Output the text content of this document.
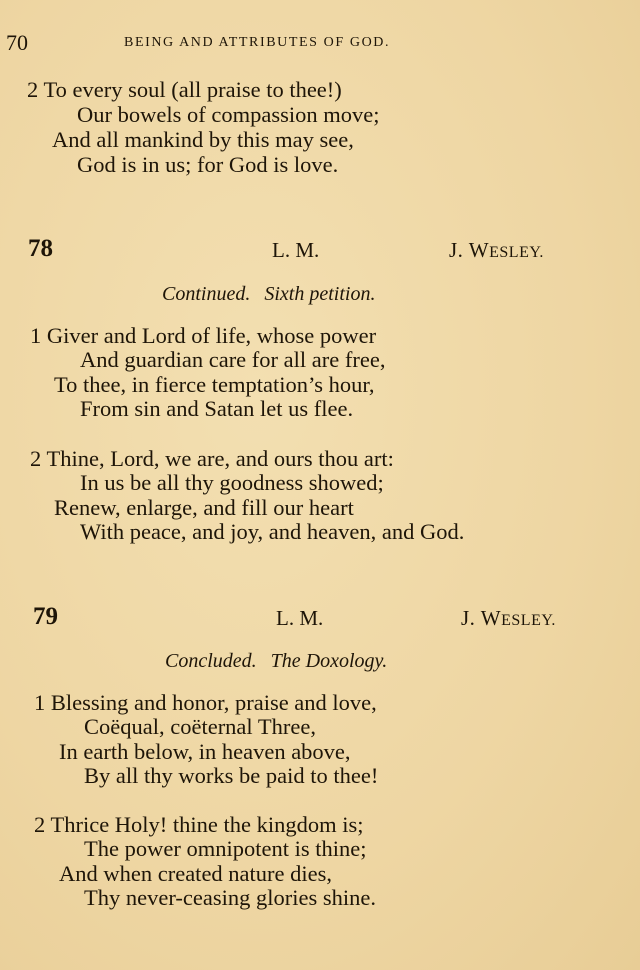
70	BEING AND ATTRIBUTES OF GOD.
2 To every soul (all praise to thee!)
Our bowels of compassion move;
And all mankind by this may see,
God is in us; for God is love.
78	L. M.	J. WESLEY.
Continued. Sixth petition.
1 Giver and Lord of life, whose power
And guardian care for all are free,
To thee, in fierce temptation’s hour,
From sin and Satan let us flee.
2 Thine, Lord, we are, and ours thou art:
In us be all thy goodness showed;
Renew, enlarge, and fill our heart
With peace, and joy, and heaven, and God.
79	L. M.	J. WESLEY.
Concluded. The Doxology.
1 Blessing and honor, praise and love,
Coëqual, coëternal Three,
In earth below, in heaven above,
By all thy works be paid to thee!
2 Thrice Holy! thine the kingdom is;
The power omnipotent is thine;
And when created nature dies,
Thy never-ceasing glories shine.
